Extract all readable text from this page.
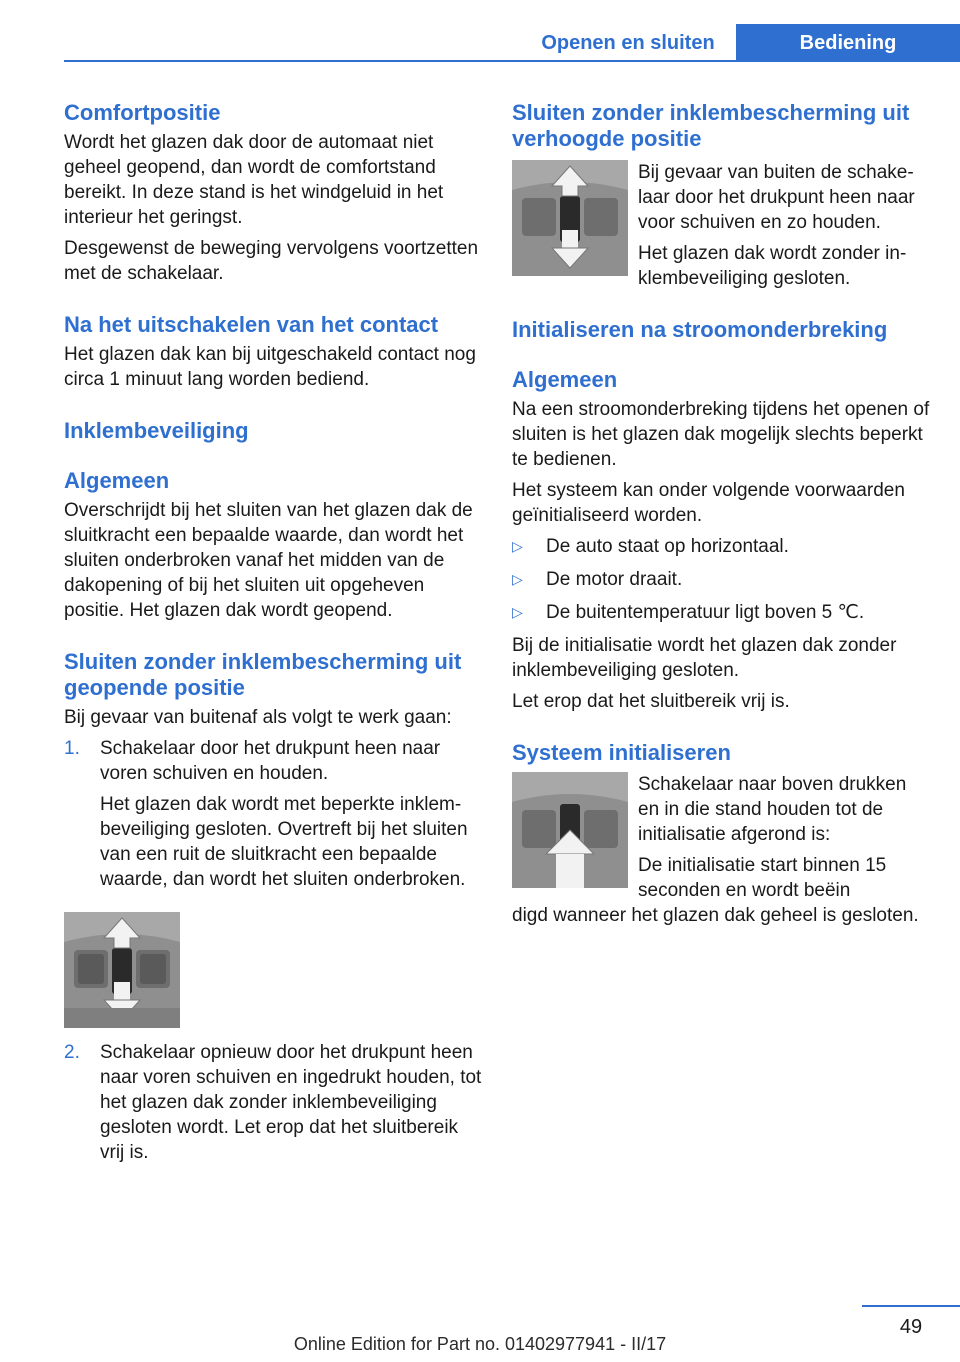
Openen en sluiten	Bediening
Comfortpositie

Wordt het glazen dak door de automaat niet geheel geopend, dan wordt de comfortstand bereikt. In deze stand is het windgeluid in het interieur het geringst.

Desgewenst de beweging vervolgens voortzetten met de schakelaar.

Na het uitschakelen van het contact

Het glazen dak kan bij uitgeschakeld contact nog circa 1 minuut lang worden bediend.

Inklembeveiliging
Algemeen

Overschrijdt bij het sluiten van het glazen dak de sluitkracht een bepaalde waarde, dan wordt het sluiten onderbroken vanaf het midden van de dakopening of bij het sluiten uit opgeheven positie. Het glazen dak wordt geopend.

Sluiten zonder inklembescherming uit geopende positie

Bij gevaar van buitenaf als volgt te werk gaan:

1.	Schakelaar door het drukpunt heen naar voren schuiven en houden.

Het glazen dak wordt met beperkte inklembeveiliging gesloten. Overtreft bij het sluiten van een ruit de sluitkracht een bepaalde waarde, dan wordt het sluiten onderbroken.

2.	Schakelaar opnieuw door het drukpunt heen naar voren schuiven en ingedrukt houden, tot het glazen dak zonder inklembeveiliging gesloten wordt. Let erop dat het sluitbereik vrij is.

Sluiten zonder inklembescherming uit verhoogde positie

Bij gevaar van buiten de schakelaar door het drukpunt heen naar voor schuiven en zo houden.

Het glazen dak wordt zonder inklembeveiliging gesloten.

Initialiseren na stroomonderbreking
Algemeen

Na een stroomonderbreking tijdens het openen of sluiten is het glazen dak mogelijk slechts beperkt te bedienen.

Het systeem kan onder volgende voorwaarden geïnitialiseerd worden.

▷	De auto staat op horizontaal.
▷	De motor draait.
▷	De buitentemperatuur ligt boven 5 ℃.

Bij de initialisatie wordt het glazen dak zonder inklembeveiliging gesloten.

Let erop dat het sluitbereik vrij is.

Systeem initialiseren

Schakelaar naar boven drukken en in die stand houden tot de initialisatie afgerond is:

De initialisatie start binnen 15 seconden en wordt beëin

digd wanneer het glazen dak geheel is gesloten.

49
Online Edition for Part no. 01402977941 - II/17
